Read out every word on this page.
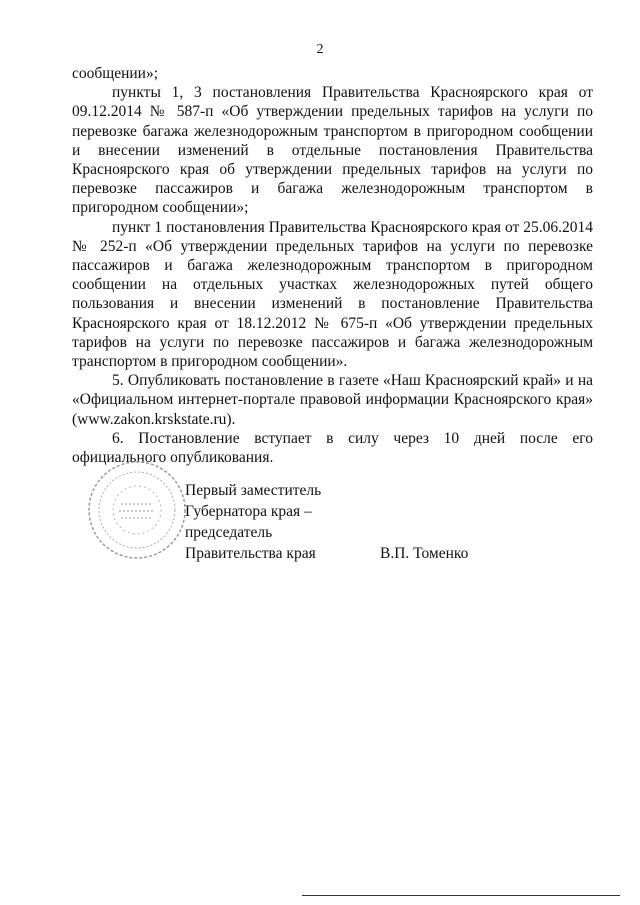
2

сообщении»;

пункты 1, 3 постановления Правительства Красноярского края от 09.12.2014 № 587-п «Об утверждении предельных тарифов на услуги по перевозке багажа железнодорожным транспортом в пригородном сообщении и внесении изменений в отдельные постановления Правительства Красноярского края об утверждении предельных тарифов на услуги по перевозке пассажиров и багажа железнодорожным транспортом в пригородном сообщении»;

пункт 1 постановления Правительства Красноярского края от 25.06.2014 № 252-п «Об утверждении предельных тарифов на услуги по перевозке пассажиров и багажа железнодорожным транспортом в пригородном сообщении на отдельных участках железнодорожных путей общего пользования и внесении изменений в постановление Правительства Красноярского края от 18.12.2012 № 675-п «Об утверждении предельных тарифов на услуги по перевозке пассажиров и багажа железнодорожным транспортом в пригородном сообщении».

5. Опубликовать постановление в газете «Наш Красноярский край» и на «Официальном интернет-портале правовой информации Красноярского края» (www.zakon.krskstate.ru).

6. Постановление вступает в силу через 10 дней после его официального опубликования.

Первый заместитель
Губернатора края –
председатель
Правительства края	В.П. Томенко
